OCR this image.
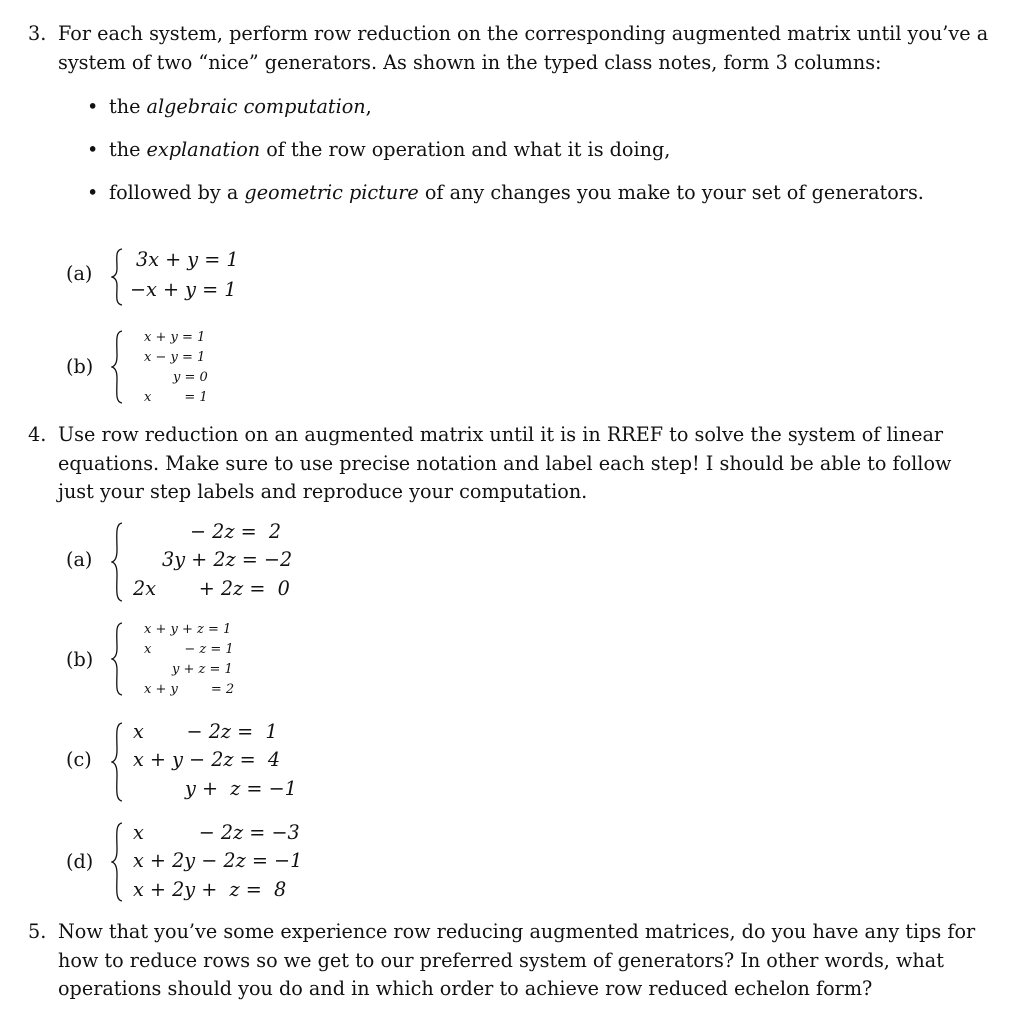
3. For each system, perform row reduction on the corresponding augmented matrix until you’ve a system of two “nice” generators. As shown in the typed class notes, form 3 columns:
• the algebraic computation,
• the explanation of the row operation and what it is doing,
• followed by a geometric picture of any changes you make to your set of generators.
(a)
3x + y = 1
−x + y = 1
(b)
x + y = 1
x − y = 1
y = 0
x        = 1
4. Use row reduction on an augmented matrix until it is in RREF to solve the system of linear equations. Make sure to use precise notation and label each step! I should be able to follow just your step labels and reproduce your computation.
(a)
− 2z =  2
3y + 2z = −2
2x       + 2z =  0
(b)
x + y + z = 1
x        − z = 1
y + z = 1
x + y        = 2
(c)
x       − 2z =  1
x + y − 2z =  4
y +  z = −1
(d)
x         − 2z = −3
x + 2y − 2z = −1
x + 2y +  z =  8
5. Now that you’ve some experience row reducing augmented matrices, do you have any tips for how to reduce rows so we get to our preferred system of generators? In other words, what operations should you do and in which order to achieve row reduced echelon form?
